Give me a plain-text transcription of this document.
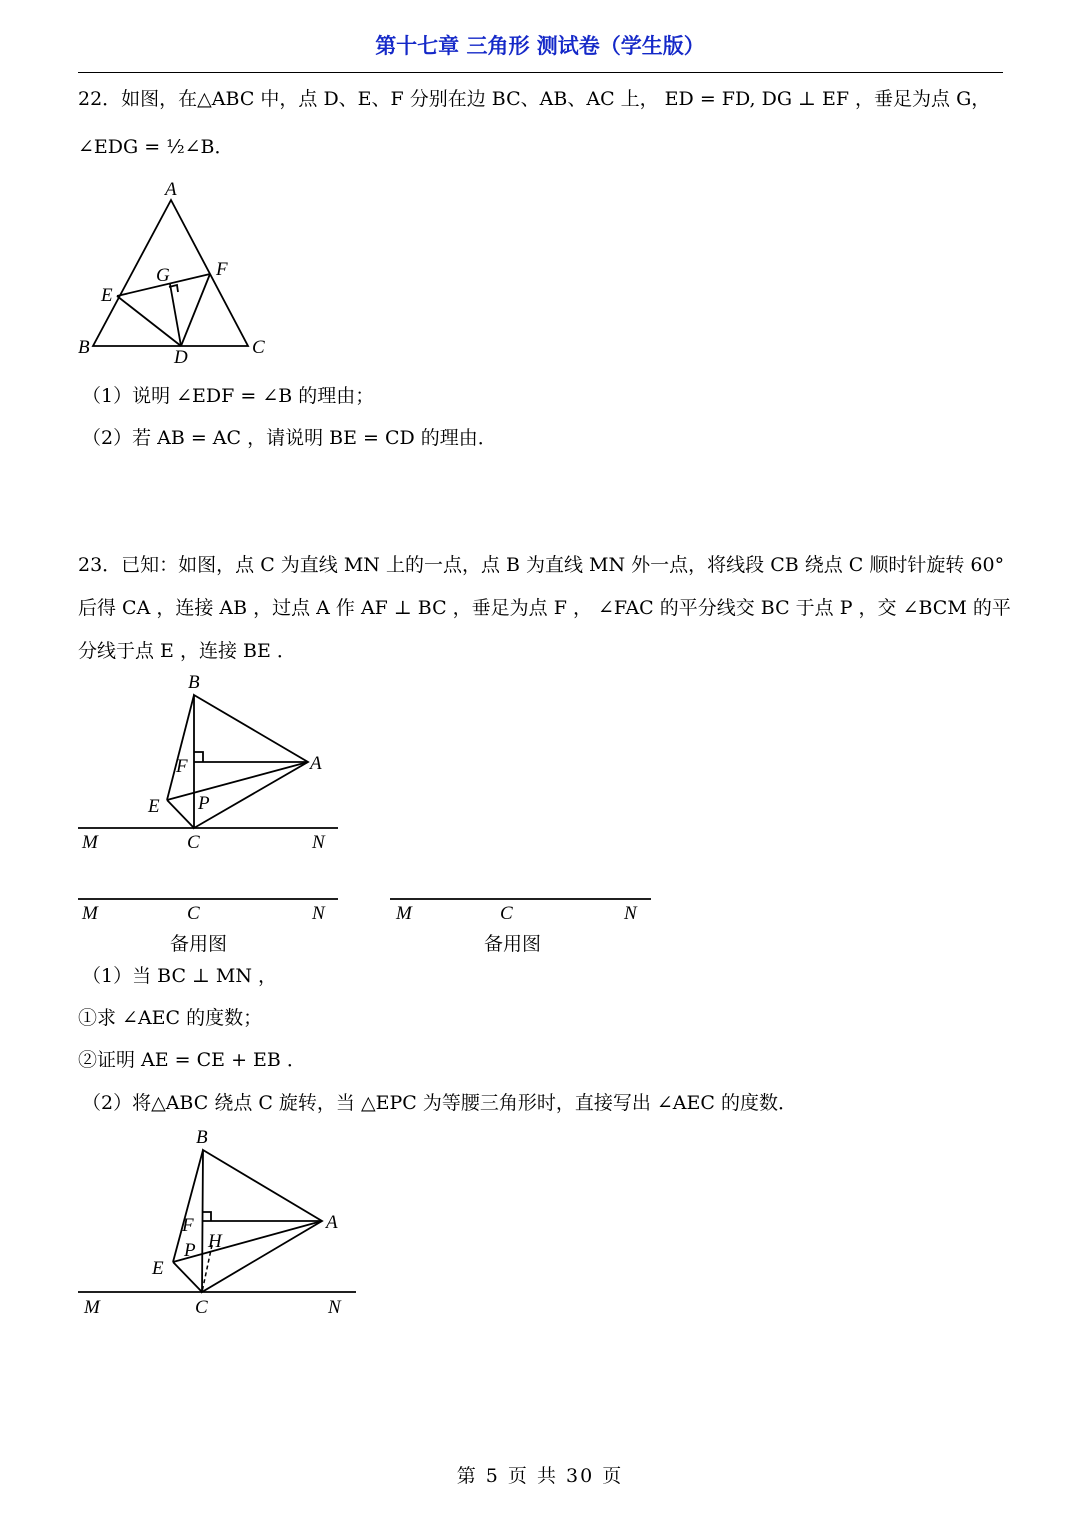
第十七章 三角形 测试卷（学生版）
22．如图，在△ABC 中，点 D、E、F 分别在边 BC、AB、AC 上， ED = FD, DG ⊥ EF ，垂足为点 G，
∠EDG = ½∠B．
A
B	C
D
E
F
G
（1）说明 ∠EDF = ∠B 的理由；
（2）若 AB = AC ，请说明 BE = CD 的理由．
23．已知：如图，点 C 为直线 MN 上的一点，点 B 为直线 MN 外一点，将线段 CB 绕点 C 顺时针旋转 60°
后得 CA ，连接 AB ，过点 A 作 AF ⊥ BC ，垂足为点 F ， ∠FAC 的平分线交 BC 于点 P ，交 ∠BCM 的平
分线于点 E ，连接 BE ．
B
A
F
P
E
M	C	N
M	C	N
备用图
M	C	N
备用图
（1）当 BC ⊥ MN ，
①求 ∠AEC 的度数；
②证明 AE = CE + EB ．
（2）将△ABC 绕点 C 旋转，当 △EPC 为等腰三角形时，直接写出 ∠AEC 的度数．
B
A
F
H
P
E
M	C	N
第 5 页 共 30 页
